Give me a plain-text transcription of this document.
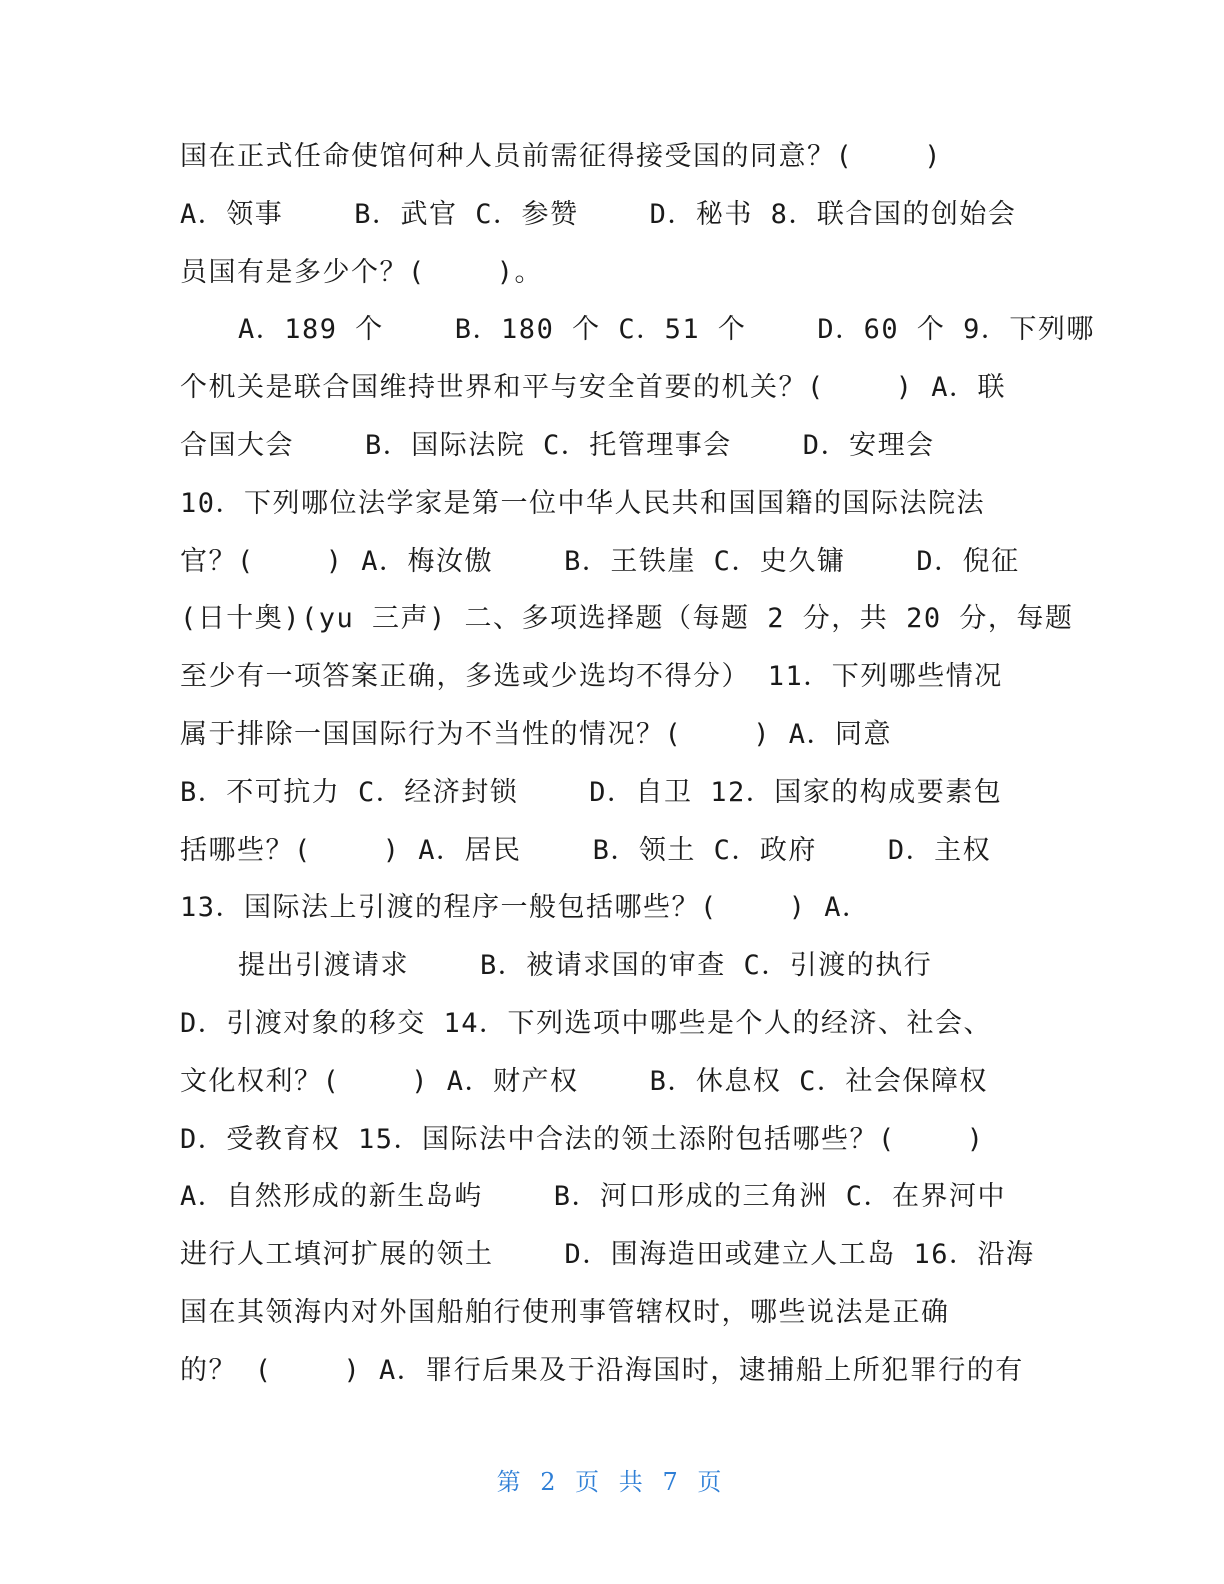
国在正式任命使馆何种人员前需征得接受国的同意？(    )
A．领事    B．武官 C．参赞    D．秘书 8．联合国的创始会
员国有是多少个？(    )。
A．189 个    B．180 个 C．51 个    D．60 个 9．下列哪
个机关是联合国维持世界和平与安全首要的机关？(    ) A．联
合国大会    B．国际法院 C．托管理事会    D．安理会
10．下列哪位法学家是第一位中华人民共和国国籍的国际法院法
官？(    ) A．梅汝傲    B．王铁崖 C．史久镛    D．倪征
(日十奥)(yu 三声) 二、多项选择题（每题 2 分，共 20 分，每题
至少有一项答案正确，多选或少选均不得分） 11．下列哪些情况
属于排除一国国际行为不当性的情况？(    ) A．同意
B．不可抗力 C．经济封锁    D．自卫 12．国家的构成要素包
括哪些？(    ) A．居民    B．领土 C．政府    D．主权
13．国际法上引渡的程序一般包括哪些？(    ) A．
提出引渡请求    B．被请求国的审查 C．引渡的执行
D．引渡对象的移交 14．下列选项中哪些是个人的经济、社会、
文化权利？(    ) A．财产权    B．休息权 C．社会保障权
D．受教育权 15．国际法中合法的领土添附包括哪些？(    )
A．自然形成的新生岛屿    B．河口形成的三角洲 C．在界河中
进行人工填河扩展的领土    D．围海造田或建立人工岛 16．沿海
国在其领海内对外国船舶行使刑事管辖权时，哪些说法是正确
的？ (    ) A．罪行后果及于沿海国时，逮捕船上所犯罪行的有
第 2 页 共 7 页
